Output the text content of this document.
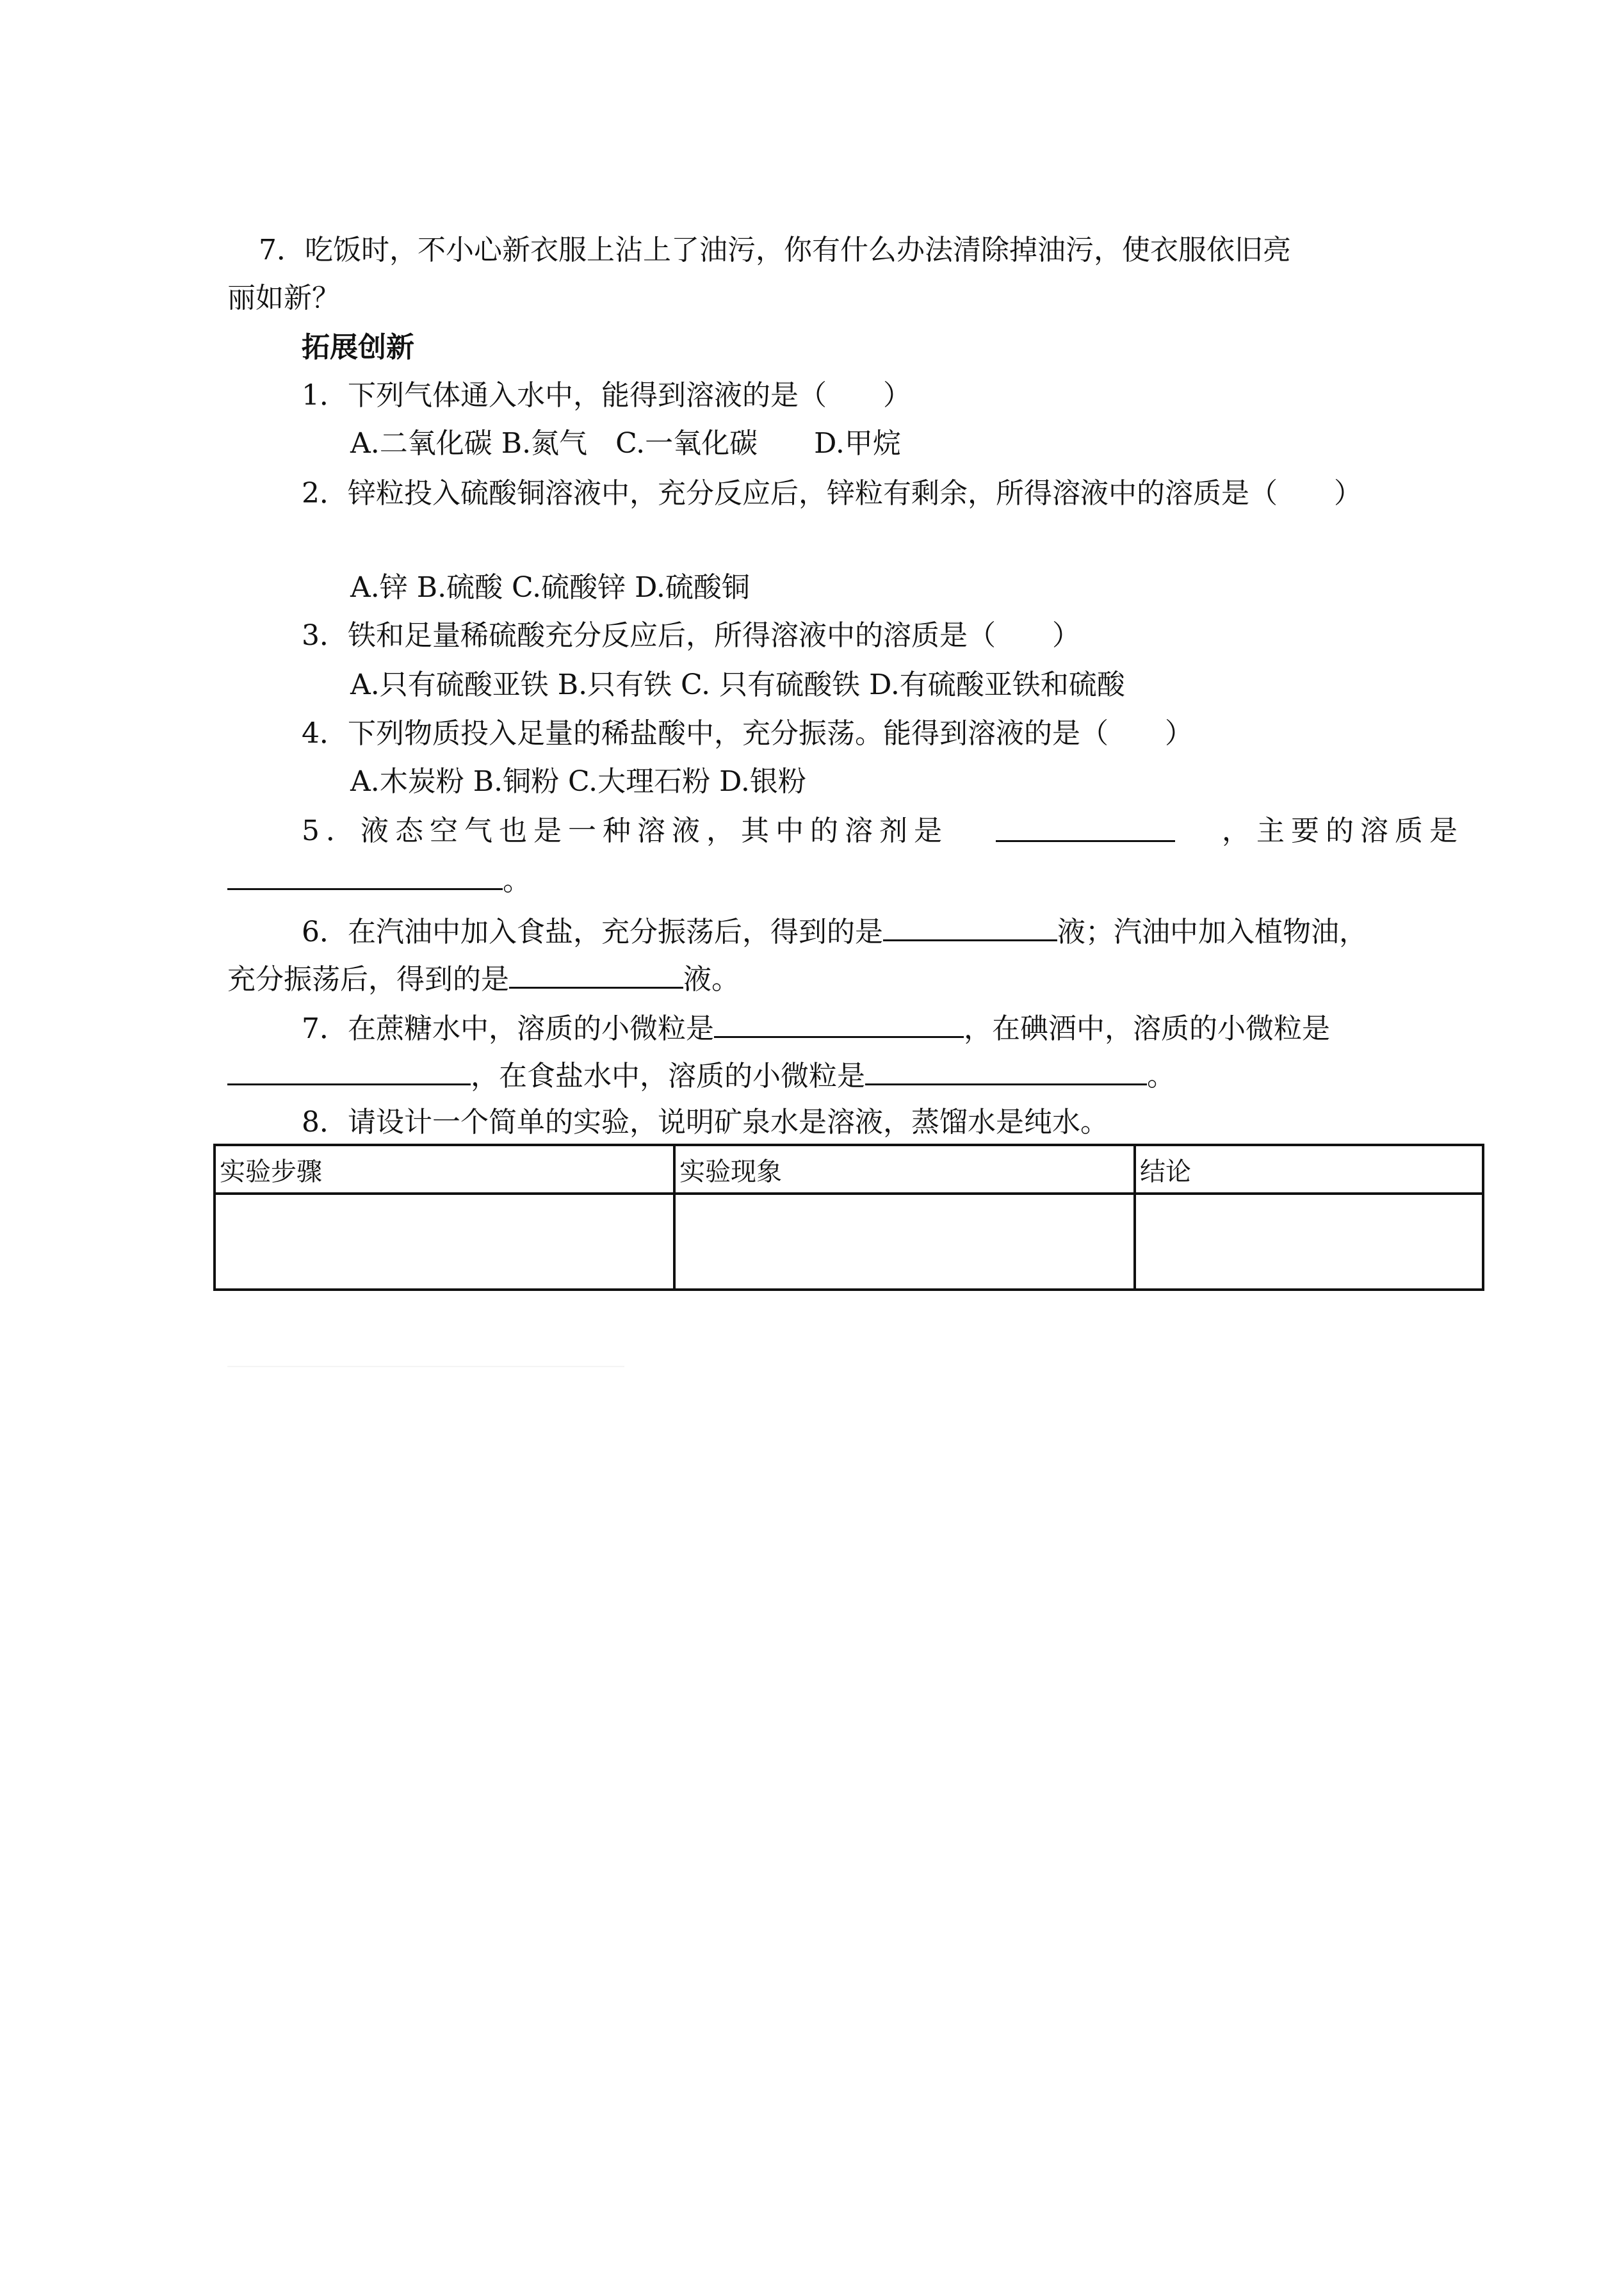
7．吃饭时，不小心新衣服上沾上了油污，你有什么办法清除掉油污，使衣服依旧亮
丽如新？
拓展创新
1．下列气体通入水中，能得到溶液的是（　　）
A.二氧化碳 B.氮气　C.一氧化碳　　D.甲烷
2．锌粒投入硫酸铜溶液中，充分反应后，锌粒有剩余，所得溶液中的溶质是（　　）
A.锌 B.硫酸 C.硫酸锌 D.硫酸铜
3．铁和足量稀硫酸充分反应后，所得溶液中的溶质是（　　）
A.只有硫酸亚铁 B.只有铁 C. 只有硫酸铁 D.有硫酸亚铁和硫酸
4．下列物质投入足量的稀盐酸中，充分振荡。能得到溶液的是（　　）
A.木炭粉 B.铜粉 C.大理石粉 D.银粉
5．液态空气也是一种溶液，其中的溶剂是	，主要的溶质是
。
6．在汽油中加入食盐，充分振荡后，得到的是	液；汽油中加入植物油，
充分振荡后，得到的是	液。
7．在蔗糖水中，溶质的小微粒是	，在碘酒中，溶质的小微粒是
，在食盐水中，溶质的小微粒是	。
8．请设计一个简单的实验，说明矿泉水是溶液，蒸馏水是纯水。
实验步骤	实验现象	结论
